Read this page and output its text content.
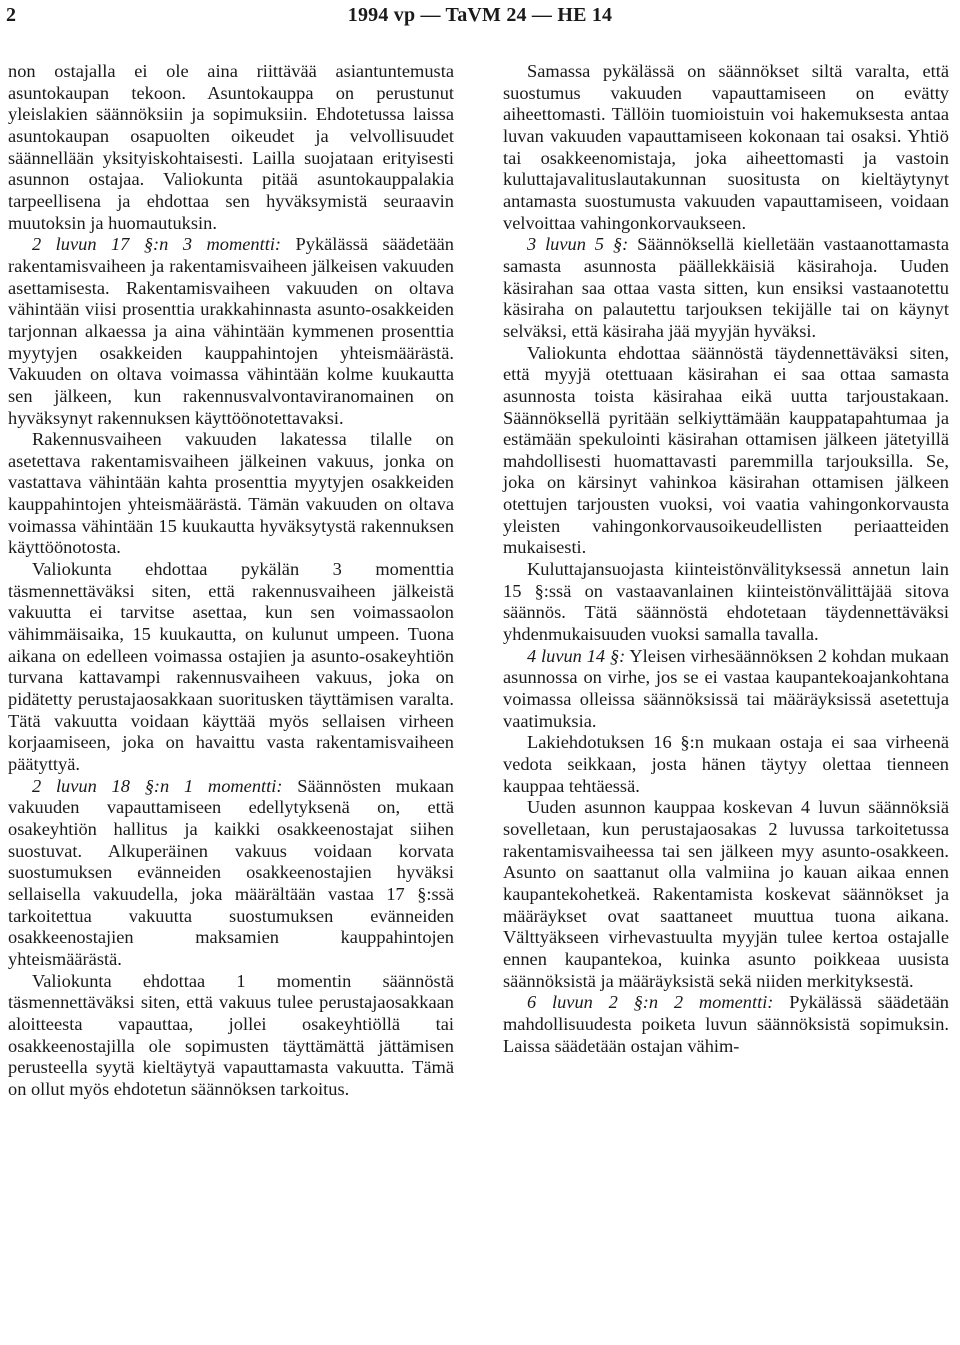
2	1994 vp — TaVM 24 — HE 14

non ostajalla ei ole aina riittävää asiantuntemusta asuntokaupan tekoon. Asuntokauppa on perustunut yleislakien säännöksiin ja sopimuksiin. Ehdotetussa laissa asuntokaupan osapuolten oikeudet ja velvollisuudet säännellään yksityiskohtaisesti. Lailla suojataan erityisesti asunnon ostajaa. Valiokunta pitää asuntokauppalakia tarpeellisena ja ehdottaa sen hyväksymistä seuraavin muutoksin ja huomautuksin.

2 luvun 17 §:n 3 momentti: Pykälässä säädetään rakentamisvaiheen ja rakentamisvaiheen jälkeisen vakuuden asettamisesta. Rakentamisvaiheen vakuuden on oltava vähintään viisi prosenttia urakkahinnasta asunto-osakkeiden tarjonnan alkaessa ja aina vähintään kymmenen prosenttia myytyjen osakkeiden kauppahintojen yhteismäärästä. Vakuuden on oltava voimassa vähintään kolme kuukautta sen jälkeen, kun rakennusvalvontaviranomainen on hyväksynyt rakennuksen käyttöönotettavaksi.

Rakennusvaiheen vakuuden lakatessa tilalle on asetettava rakentamisvaiheen jälkeinen vakuus, jonka on vastattava vähintään kahta prosenttia myytyjen osakkeiden kauppahintojen yhteismäärästä. Tämän vakuuden on oltava voimassa vähintään 15 kuukautta hyväksytystä rakennuksen käyttöönotosta.

Valiokunta ehdottaa pykälän 3 momenttia täsmennettäväksi siten, että rakennusvaiheen jälkeistä vakuutta ei tarvitse asettaa, kun sen voimassaolon vähimmäisaika, 15 kuukautta, on kulunut umpeen. Tuona aikana on edelleen voimassa ostajien ja asunto-osakeyhtiön turvana kattavampi rakennusvaiheen vakuus, joka on pidätetty perustajaosakkaan suoritusken täyttämisen varalta. Tätä vakuutta voidaan käyttää myös sellaisen virheen korjaamiseen, joka on havaittu vasta rakentamisvaiheen päätyttyä.

2 luvun 18 §:n 1 momentti: Säännösten mukaan vakuuden vapauttamiseen edellytyksenä on, että osakeyhtiön hallitus ja kaikki osakkeenostajat siihen suostuvat. Alkuperäinen vakuus voidaan korvata suostumuksen evänneiden osakkeenostajien hyväksi sellaisella vakuudella, joka määrältään vastaa 17 §:ssä tarkoitettua vakuutta suostumuksen evänneiden osakkeenostajien maksamien kauppahintojen yhteismäärästä.

Valiokunta ehdottaa 1 momentin säännöstä täsmennettäväksi siten, että vakuus tulee perustajaosakkaan aloitteesta vapauttaa, jollei osakeyhtiöllä tai osakkeenostajilla ole sopimusten täyttämättä jättämisen perusteella syytä kieltäytyä vapauttamasta vakuutta. Tämä on ollut myös ehdotetun säännöksen tarkoitus.

Samassa pykälässä on säännökset siltä varalta, että suostumus vakuuden vapauttamiseen on evätty aiheettomasti. Tällöin tuomioistuin voi hakemuksesta antaa luvan vakuuden vapauttamiseen kokonaan tai osaksi. Yhtiö tai osakkeenomistaja, joka aiheettomasti ja vastoin kuluttajavalituslautakunnan suositusta on kieltäytynyt antamasta suostumusta vakuuden vapauttamiseen, voidaan velvoittaa vahingonkorvaukseen.

3 luvun 5 §: Säännöksellä kielletään vastaanottamasta samasta asunnosta päällekkäisiä käsirahoja. Uuden käsirahan saa ottaa vasta sitten, kun ensiksi vastaanotettu käsiraha on palautettu tarjouksen tekijälle tai on käynyt selväksi, että käsiraha jää myyjän hyväksi.

Valiokunta ehdottaa säännöstä täydennettäväksi siten, että myyjä otettuaan käsirahan ei saa ottaa samasta asunnosta toista käsirahaa eikä uutta tarjoustakaan. Säännöksellä pyritään selkiyttämään kauppatapahtumaa ja estämään spekulointi käsirahan ottamisen jälkeen jätetyillä mahdollisesti huomattavasti paremmilla tarjouksilla. Se, joka on kärsinyt vahinkoa käsirahan ottamisen jälkeen otettujen tarjousten vuoksi, voi vaatia vahingonkorvausta yleisten vahingonkorvausoikeudellisten periaatteiden mukaisesti.

Kuluttajansuojasta kiinteistönvälityksessä annetun lain 15 §:ssä on vastaavanlainen kiinteistönvälittäjää sitova säännös. Tätä säännöstä ehdotetaan täydennettäväksi yhdenmukaisuuden vuoksi samalla tavalla.

4 luvun 14 §: Yleisen virhesäännöksen 2 kohdan mukaan asunnossa on virhe, jos se ei vastaa kaupantekoajankohtana voimassa olleissa säännöksissä tai määräyksissä asetettuja vaatimuksia.

Lakiehdotuksen 16 §:n mukaan ostaja ei saa virheenä vedota seikkaan, josta hänen täytyy olettaa tienneen kauppaa tehtäessä.

Uuden asunnon kauppaa koskevan 4 luvun säännöksiä sovelletaan, kun perustajaosakas 2 luvussa tarkoitetussa rakentamisvaiheessa tai sen jälkeen myy asunto-osakkeen. Asunto on saattanut olla valmiina jo kauan aikaa ennen kaupantekohetkeä. Rakentamista koskevat säännökset ja määräykset ovat saattaneet muuttua tuona aikana. Välttyäkseen virhevastuulta myyjän tulee kertoa ostajalle ennen kaupantekoa, kuinka asunto poikkeaa uusista säännöksistä ja määräyksistä sekä niiden merkityksestä.

6 luvun 2 §:n 2 momentti: Pykälässä säädetään mahdollisuudesta poiketa luvun säännöksistä sopimuksin. Laissa säädetään ostajan vähim-
